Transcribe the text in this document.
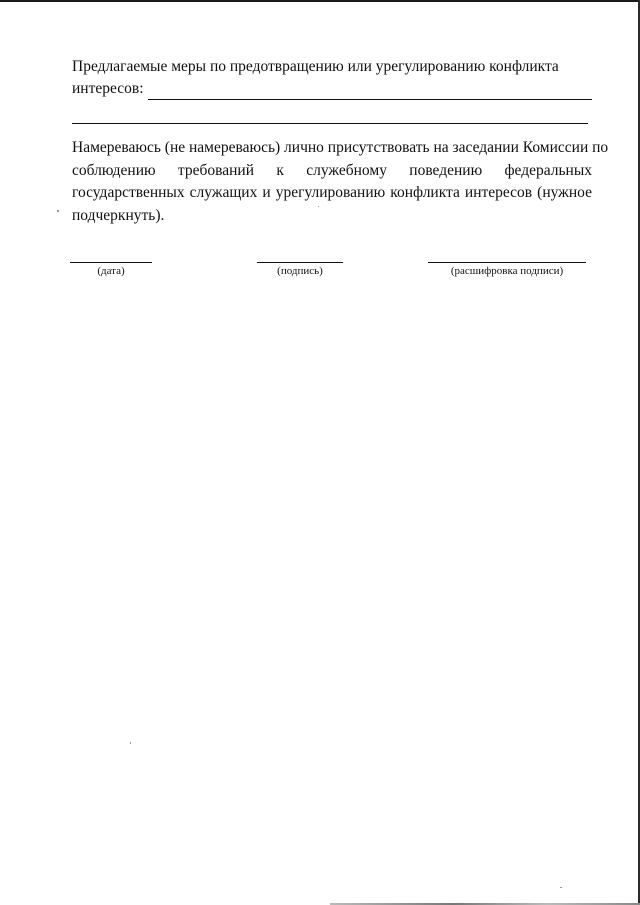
Предлагаемые меры по предотвращению или урегулированию конфликта
интересов:
Намереваюсь (не намереваюсь) лично присутствовать на заседании Комиссии по
соблюдению требований к служебному поведению федеральных
государственных служащих и урегулированию конфликта интересов (нужное
подчеркнуть).
(дата)	(подпись)	(расшифровка подписи)
